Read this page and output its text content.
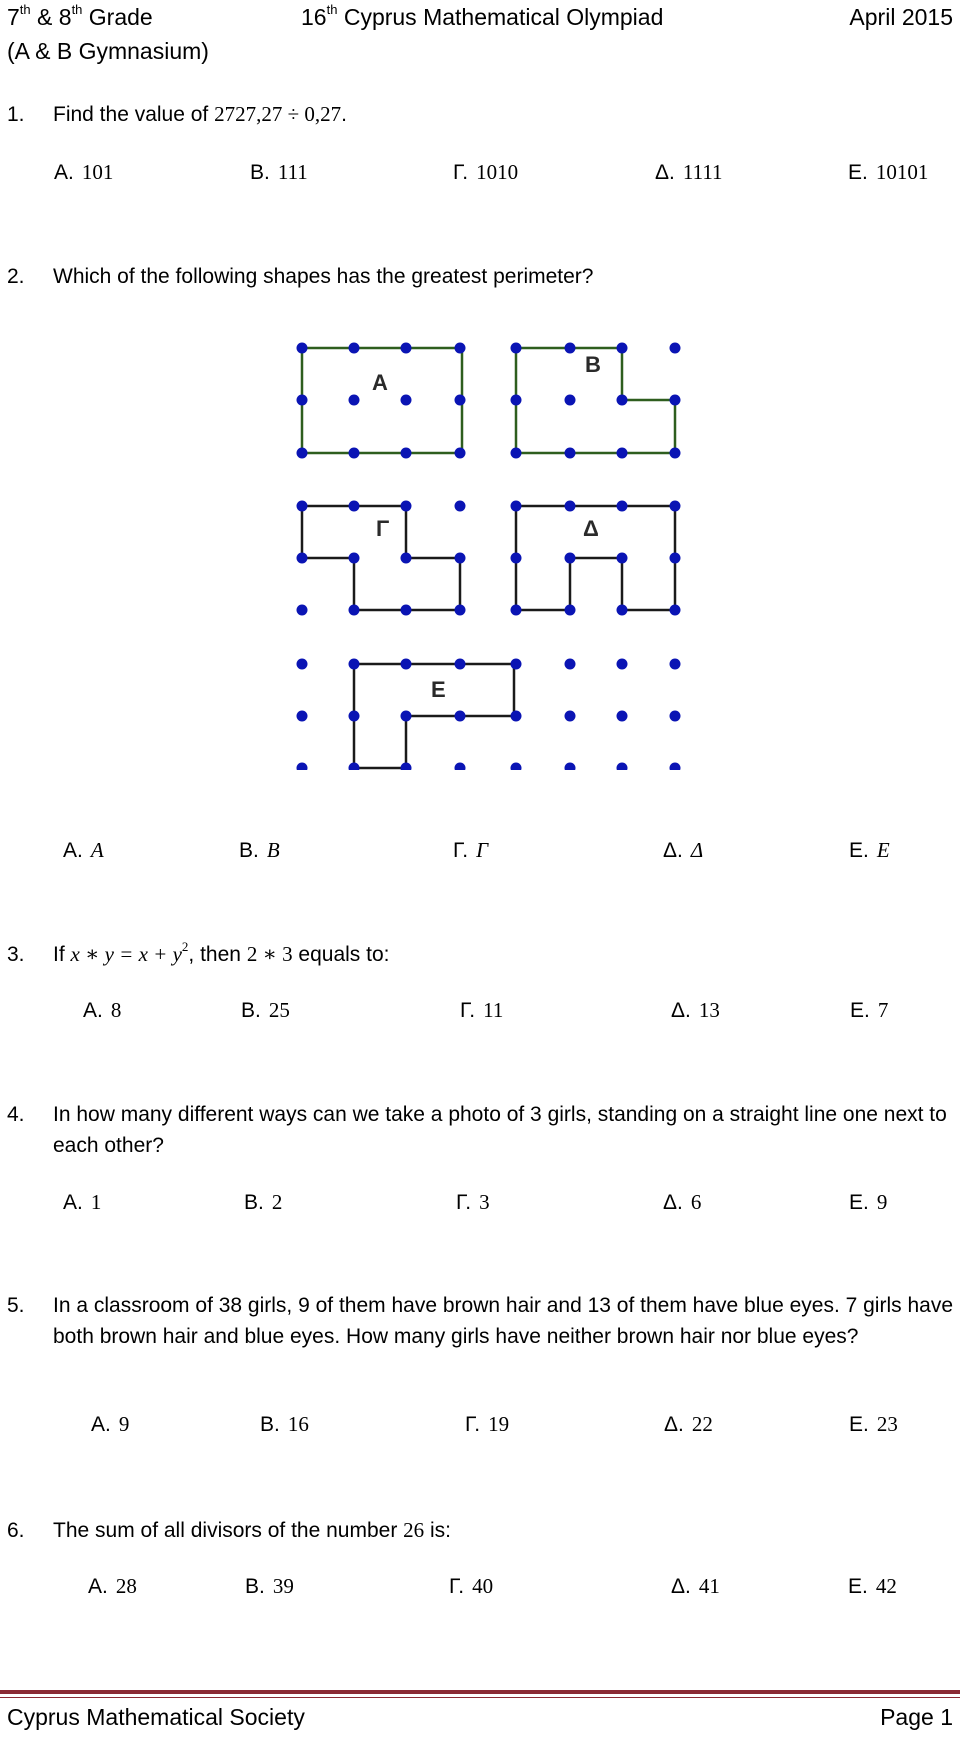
7th & 8th Grade	16th Cyprus Mathematical Olympiad	April 2015
(A & B Gymnasium)
1. Find the value of 2727,27 ÷ 0,27.
Α. 101	Β. 111	Γ. 1010	Δ. 1111	Ε. 10101
2. Which of the following shapes has the greatest perimeter?
A
B
Γ	Δ
E
Α. A	Β. B	Γ. Γ	Δ. Δ	Ε. E
3. If x ∗ $y = x + y^2$, then 2 ∗ 3 equals to:
Α. 8	Β. 25	Γ. 11	Δ. 13	Ε. 7
4. In how many different ways can we take a photo of 3 girls, standing on a straight line one next to each other?
Α. 1	Β. 2	Γ. 3	Δ. 6	Ε. 9
5. In a classroom of 38 girls, 9 of them have brown hair and 13 of them have blue eyes. 7 girls have both brown hair and blue eyes. How many girls have neither brown hair nor blue eyes?
Α. 9	Β. 16	Γ. 19	Δ. 22	Ε. 23
6. The sum of all divisors of the number 26 is:
Α. 28	Β. 39	Γ. 40	Δ. 41	Ε. 42
Cyprus Mathematical Society	Page 1
